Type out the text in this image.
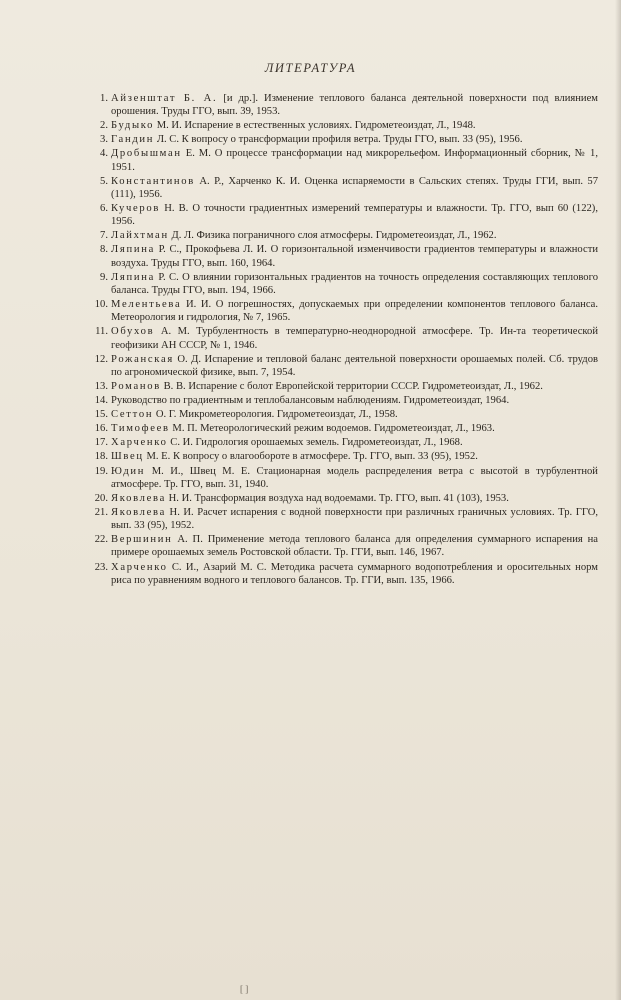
ЛИТЕРАТУРА
1. Айзенштат Б. А. [и др.]. Изменение теплового баланса деятельной поверхности под влиянием орошения. Труды ГГО, вып. 39, 1953.
2. Будыко М. И. Испарение в естественных условиях. Гидрометеоиздат, Л., 1948.
3. Гандин Л. С. К вопросу о трансформации профиля ветра. Труды ГГО, вып. 33 (95), 1956.
4. Дробышман Е. М. О процессе трансформации над микрорельефом. Информационный сборник, № 1, 1951.
5. Константинов А. Р., Харченко К. И. Оценка испаряемости в Сальских степях. Труды ГГИ, вып. 57 (111), 1956.
6. Кучеров Н. В. О точности градиентных измерений температуры и влажности. Тр. ГГО, вып 60 (122), 1956.
7. Лайхтман Д. Л. Физика пограничного слоя атмосферы. Гидрометеоиздат, Л., 1962.
8. Ляпина Р. С., Прокофьева Л. И. О горизонтальной изменчивости градиентов температуры и влажности воздуха. Труды ГГО, вып. 160, 1964.
9. Ляпина Р. С. О влиянии горизонтальных градиентов на точность определения составляющих теплового баланса. Труды ГГО, вып. 194, 1966.
10. Мелентьева И. И. О погрешностях, допускаемых при определении компонентов теплового баланса. Метеорология и гидрология, № 7, 1965.
11. Обухов А. М. Турбулентность в температурно-неоднородной атмосфере. Тр. Ин-та теоретической геофизики АН СССР, № 1, 1946.
12. Рожанская О. Д. Испарение и тепловой баланс деятельной поверхности орошаемых полей. Сб. трудов по агрономической физике, вып. 7, 1954.
13. Романов В. В. Испарение с болот Европейской территории СССР. Гидрометеоиздат, Л., 1962.
14. Руководство по градиентным и теплобалансовым наблюдениям. Гидрометеоиздат, 1964.
15. Сеттон О. Г. Микрометеорология. Гидрометеоиздат, Л., 1958.
16. Тимофеев М. П. Метеорологический режим водоемов. Гидрометеоиздат, Л., 1963.
17. Харченко С. И. Гидрология орошаемых земель. Гидрометеоиздат, Л., 1968.
18. Швец М. Е. К вопросу о влагообороте в атмосфере. Тр. ГГО, вып. 33 (95), 1952.
19. Юдин М. И., Швец М. Е. Стационарная модель распределения ветра с высотой в турбулентной атмосфере. Тр. ГГО, вып. 31, 1940.
20. Яковлева Н. И. Трансформация воздуха над водоемами. Тр. ГГО, вып. 41 (103), 1953.
21. Яковлева Н. И. Расчет испарения с водной поверхности при различных граничных условиях. Тр. ГГО, вып. 33 (95), 1952.
22. Вершинин А. П. Применение метода теплового баланса для определения суммарного испарения на примере орошаемых земель Ростовской области. Тр. ГГИ, вып. 146, 1967.
23. Харченко С. И., Азарий М. С. Методика расчета суммарного водопотребления и оросительных норм риса по уравнениям водного и теплового балансов. Тр. ГГИ, вып. 135, 1966.
[ ]
